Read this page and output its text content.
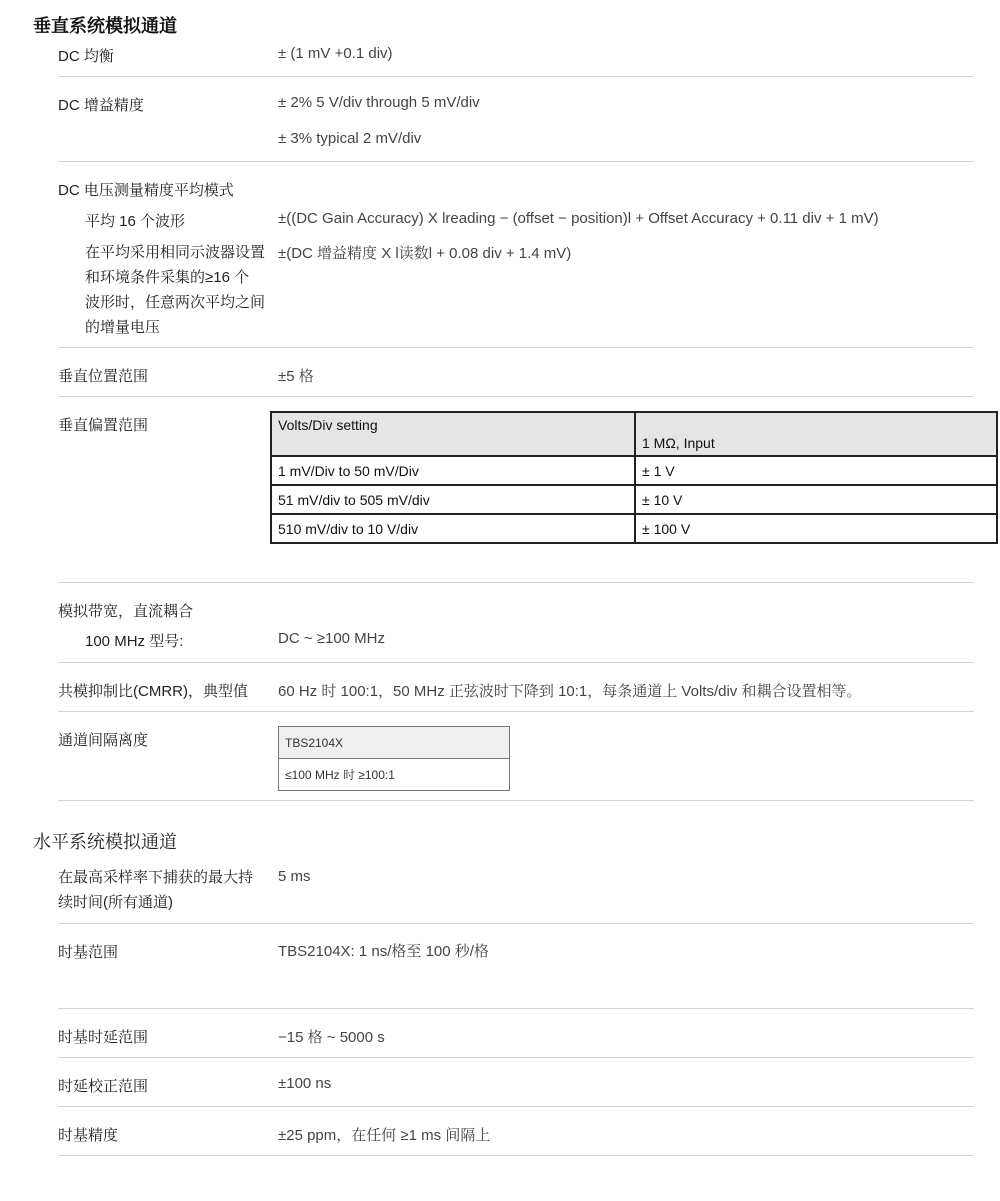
垂直系统模拟通道
DC 均衡	± (1 mV +0.1 div)
DC 增益精度	± 2% 5 V/div through 5 mV/div
± 3% typical 2 mV/div
DC 电压测量精度平均模式
平均 16 个波形	±((DC Gain Accuracy) X lreading − (offset − position)l + Offset Accuracy + 0.11 div + 1 mV)
在平均采用相同示波器设置
和环境条件采集的≥16 个
波形时，任意两次平均之间
的增量电压
±(DC 增益精度 X l读数l + 0.08 div + 1.4 mV)
垂直位置范围	±5 格
垂直偏置范围	Volts/Div setting	1 MΩ, Input
1 mV/Div to 50 mV/Div	± 1 V
51 mV/div to 505 mV/div	± 10 V
510 mV/div to 10 V/div	± 100 V
模拟带宽，直流耦合
100 MHz 型号:	DC ~ ≥100 MHz
共模抑制比(CMRR)，典型值 60 Hz 时 100:1，50 MHz 正弦波时下降到 10:1，每条通道上 Volts/div 和耦合设置相等。
通道间隔离度	TBS2104X
≤100 MHz 时 ≥100:1
水平系统模拟通道
在最高采样率下捕获的最大持
续时间(所有通道)
5 ms
时基范围	TBS2104X: 1 ns/格至 100 秒/格
时基时延范围	−15 格 ~ 5000 s
时延校正范围	±100 ns
时基精度	±25 ppm，在任何 ≥1 ms 间隔上
